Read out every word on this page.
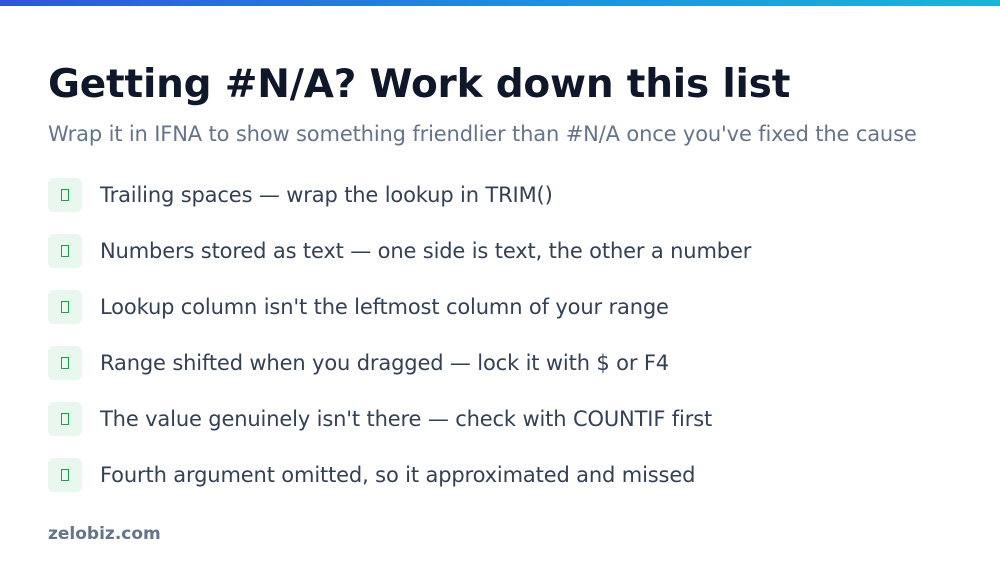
Getting #N/A? Work down this list

Wrap it in IFNA to show something friendlier than #N/A once you've fixed the cause

Trailing spaces — wrap the lookup in TRIM()
Numbers stored as text — one side is text, the other a number
Lookup column isn't the leftmost column of your range
Range shifted when you dragged — lock it with $ or F4
The value genuinely isn't there — check with COUNTIF first
Fourth argument omitted, so it approximated and missed

zelobiz.com
